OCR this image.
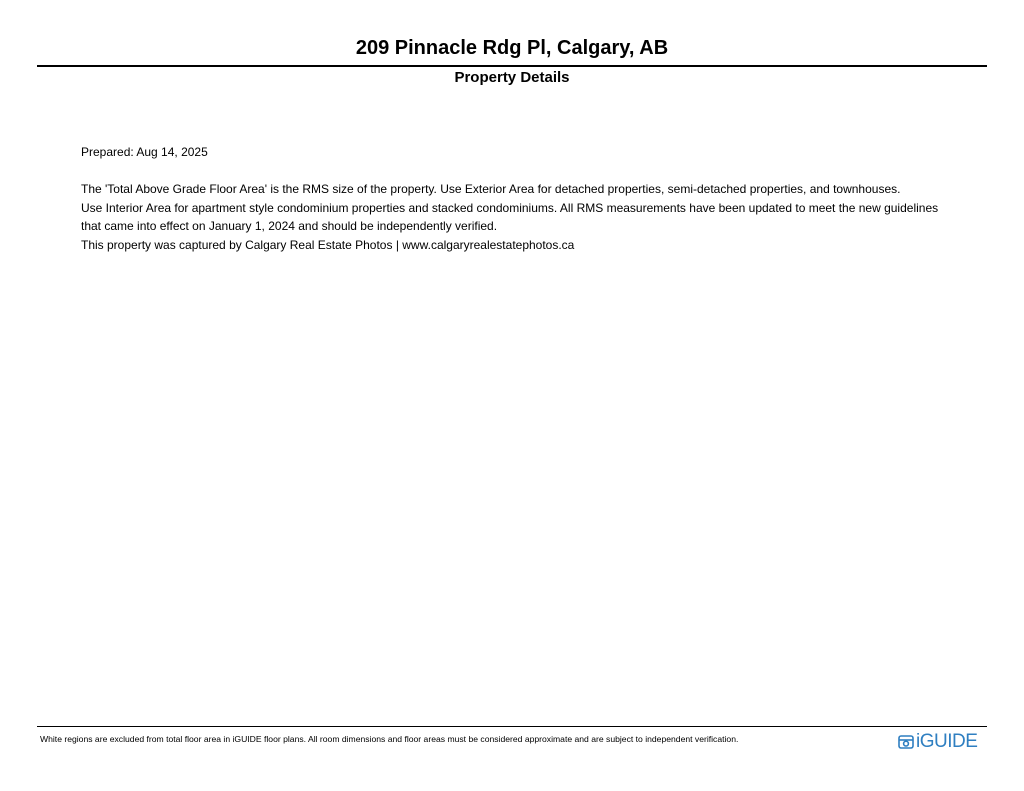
209 Pinnacle Rdg Pl, Calgary, AB
Property Details
Prepared: Aug 14, 2025
The 'Total Above Grade Floor Area' is the RMS size of the property. Use Exterior Area for detached properties, semi-detached properties, and townhouses.
Use Interior Area for apartment style condominium properties and stacked condominiums. All RMS measurements have been updated to meet the new guidelines
that came into effect on January 1, 2024 and should be independently verified.
This property was captured by Calgary Real Estate Photos | www.calgaryrealestatephotos.ca
White regions are excluded from total floor area in iGUIDE floor plans. All room dimensions and floor areas must be considered approximate and are subject to independent verification.	iGUIDE
